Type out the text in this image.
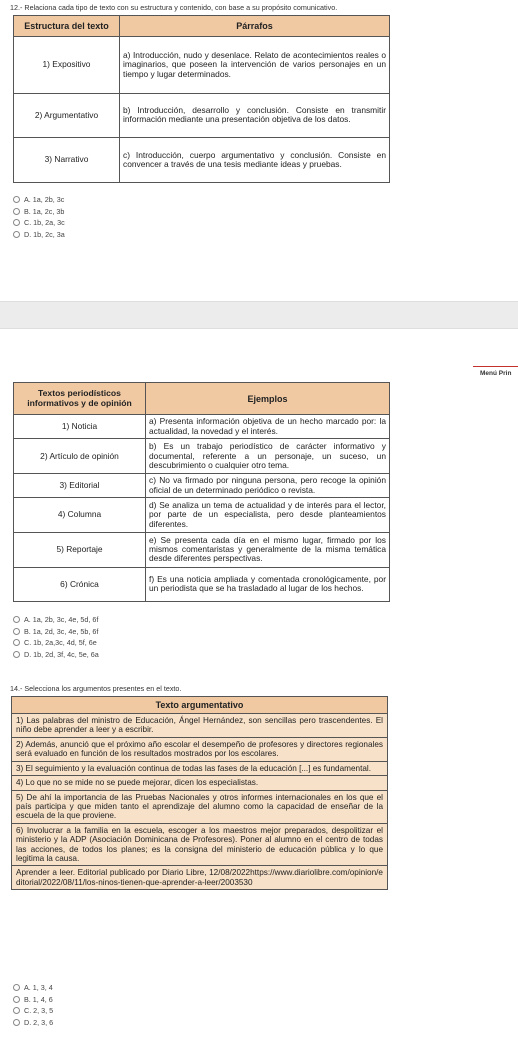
12.- Relaciona cada tipo de texto con su estructura y contenido, con base a su propósito comunicativo.
Estructura del texto	Párrafos
1) Expositivo	a) Introducción, nudo y desenlace. Relato de acontecimientos reales o imaginarios, que poseen la intervención de varios personajes en un tiempo y lugar determinados.
2) Argumentativo	b) Introducción, desarrollo y conclusión. Consiste en transmitir información mediante una presentación objetiva de los datos.
3) Narrativo	c) Introducción, cuerpo argumentativo y conclusión. Consiste en convencer a través de una tesis mediante ideas y pruebas.
A. 1a, 2b, 3c
B. 1a, 2c, 3b
C. 1b, 2a, 3c
D. 1b, 2c, 3a
Menú Prin
Textos periodísticos informativos y de opinión	Ejemplos
1) Noticia	a) Presenta información objetiva de un hecho marcado por: la actualidad, la novedad y el interés.
2) Artículo de opinión	b) Es un trabajo periodístico de carácter informativo y documental, referente a un personaje, un suceso, un descubrimiento o cualquier otro tema.
3) Editorial	c) No va firmado por ninguna persona, pero recoge la opinión oficial de un determinado periódico o revista.
4) Columna	d) Se analiza un tema de actualidad y de interés para el lector, por parte de un especialista, pero desde planteamientos diferentes.
5) Reportaje	e) Se presenta cada día en el mismo lugar, firmado por los mismos comentaristas y generalmente de la misma temática desde diferentes perspectivas.
6) Crónica	f) Es una noticia ampliada y comentada cronológicamente, por un periodista que se ha trasladado al lugar de los hechos.
A. 1a, 2b, 3c, 4e, 5d, 6f
B. 1a, 2d, 3c, 4e, 5b, 6f
C. 1b, 2a,3c, 4d, 5f, 6e
D. 1b, 2d, 3f, 4c, 5e, 6a
14.- Selecciona los argumentos presentes en el texto.
Texto argumentativo
1) Las palabras del ministro de Educación, Ángel Hernández, son sencillas pero trascendentes. El niño debe aprender a leer y a escribir.
2) Además, anunció que el próximo año escolar el desempeño de profesores y directores regionales será evaluado en función de los resultados mostrados por los escolares.
3) El seguimiento y la evaluación continua de todas las fases de la educación [...] es fundamental.
4) Lo que no se mide no se puede mejorar, dicen los especialistas.
5) De ahí la importancia de las Pruebas Nacionales y otros informes internacionales en los que el país participa y que miden tanto el aprendizaje del alumno como la capacidad de enseñar de la escuela de la que proviene.
6) Involucrar a la familia en la escuela, escoger a los maestros mejor preparados, despolitizar el ministerio y la ADP (Asociación Dominicana de Profesores). Poner al alumno en el centro de todas las acciones, de todos los planes; es la consigna del ministerio de educación pública y lo que legitima la causa.
Aprender a leer. Editorial publicado por Diario Libre, 12/08/2022https://www.diariolibre.com/opinion/editorial/2022/08/11/los-ninos-tienen-que-aprender-a-leer/2003530
A. 1, 3, 4
B. 1, 4, 6
C. 2, 3, 5
D. 2, 3, 6
